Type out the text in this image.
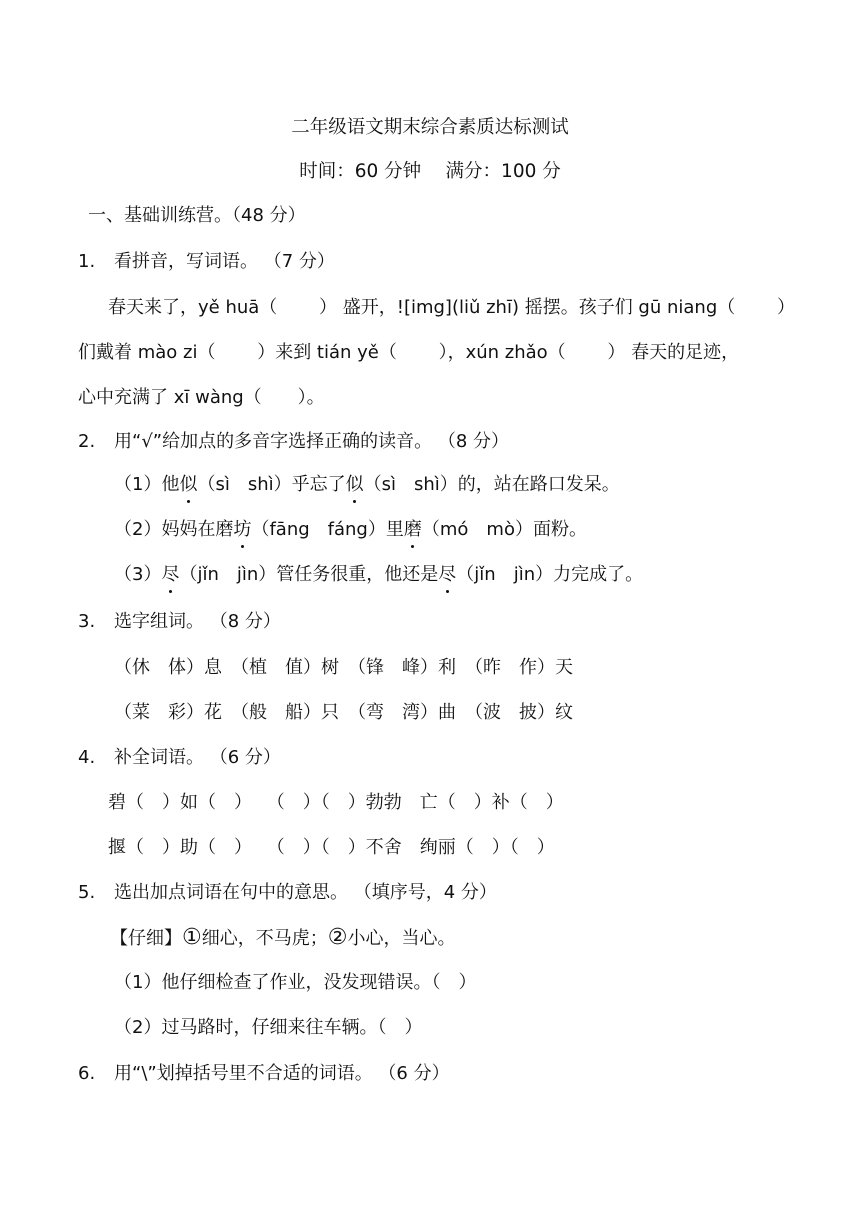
二年级语文期末综合素质达标测试
时间：60 分钟　 满分：100 分
一、基础训练营。（48 分）
1. 看拼音，写词语。 （7 分）
春天来了，yě huā（　　 ） 盛开，![img](liǔ zhī) 摇摆。孩子们 gū niang（　　 ）
们戴着 mào zi（　　 ）来到 tián yě（　　 ），xún zhǎo（　　 ） 春天的足迹，
心中充满了 xī wàng（　　）。
2. 用“√”给加点的多音字选择正确的读音。 （8 分）
（1）他似（sì　shì）乎忘了似（sì　shì）的，站在路口发呆。
（2）妈妈在磨坊（fāng　fáng）里磨（mó　mò）面粉。
（3）尽（jǐn　jìn）管任务很重，他还是尽（jǐn　jìn）力完成了。
3. 选字组词。 （8 分）
（休　体）息　（植　值）树　（锋　峰）利　（昨　作）天
（菜　彩）花　（般　船）只　（弯　湾）曲　（波　披）纹
4. 补全词语。 （6 分）
碧（　）如（　）　 （　）（　）勃勃　亡（　）补（　）
揠（　）助（　）　 （　）（　）不舍　绚丽（　）（　）
5. 选出加点词语在句中的意思。 （填序号，4 分）
【仔细】①细心，不马虎；②小心，当心。
（1）他仔细检查了作业，没发现错误。（　）
（2）过马路时，仔细来往车辆。（　）
6. 用“\”划掉括号里不合适的词语。 （6 分）
